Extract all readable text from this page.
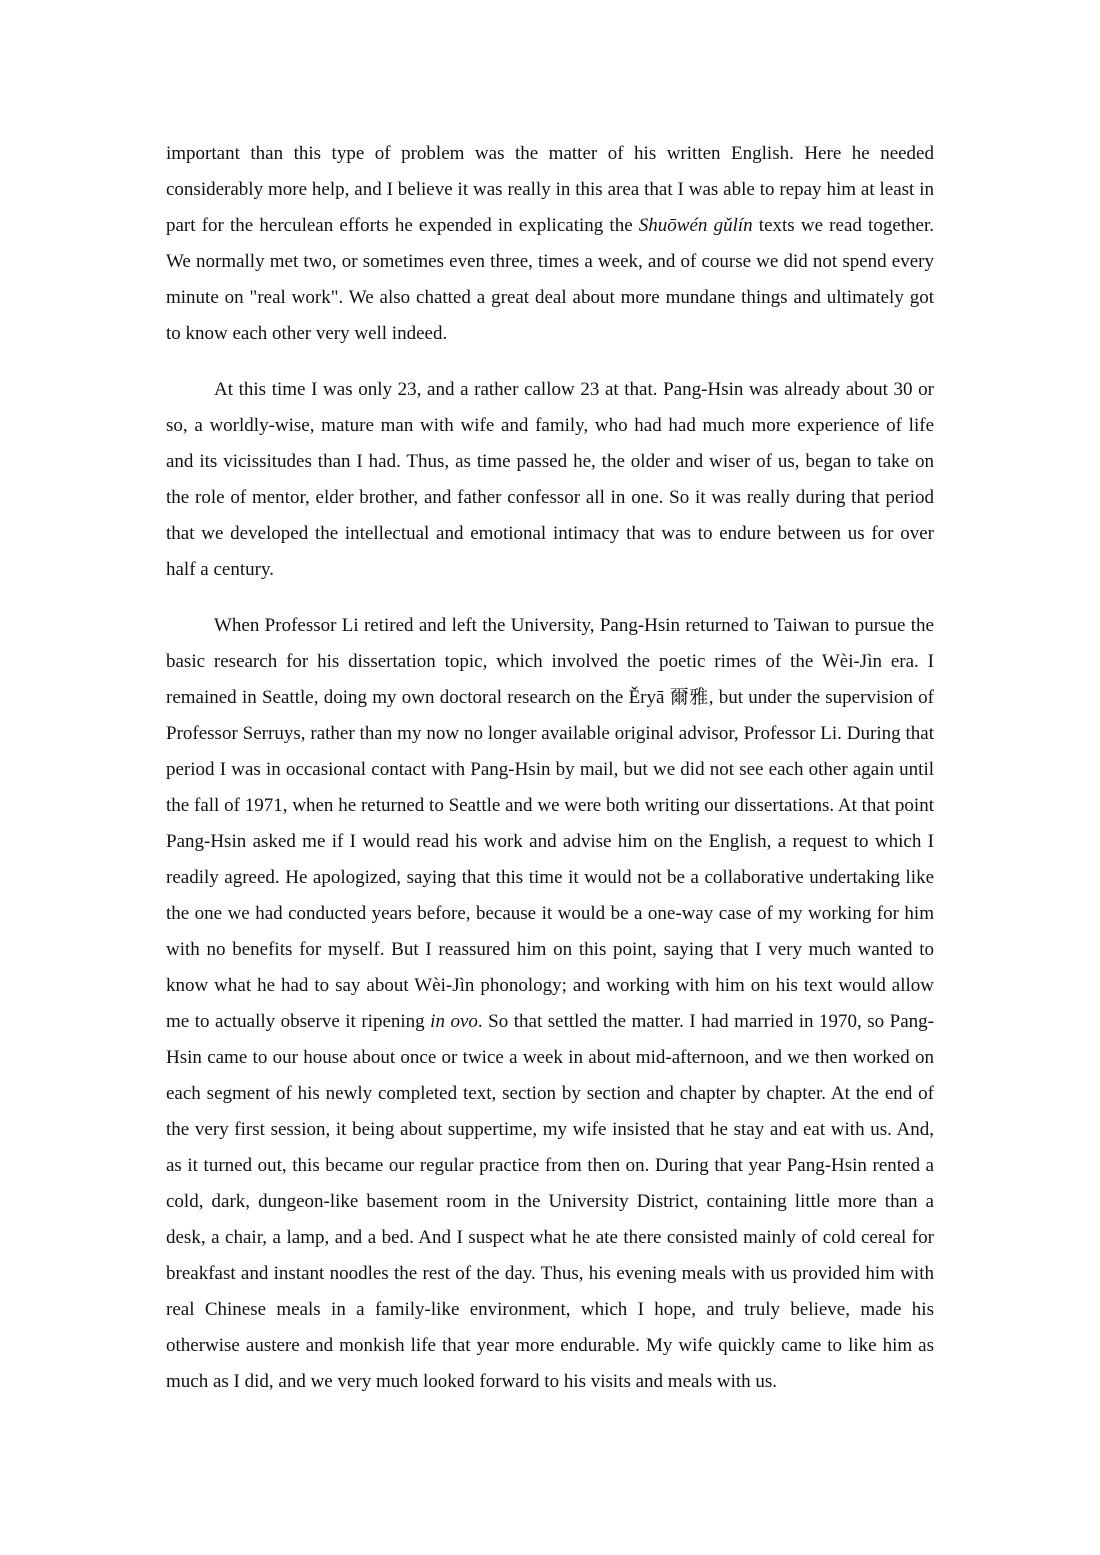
important than this type of problem was the matter of his written English. Here he needed considerably more help, and I believe it was really in this area that I was able to repay him at least in part for the herculean efforts he expended in explicating the Shuōwén gǔlín texts we read together. We normally met two, or sometimes even three, times a week, and of course we did not spend every minute on "real work". We also chatted a great deal about more mundane things and ultimately got to know each other very well indeed.

At this time I was only 23, and a rather callow 23 at that. Pang-Hsin was already about 30 or so, a worldly-wise, mature man with wife and family, who had had much more experience of life and its vicissitudes than I had. Thus, as time passed he, the older and wiser of us, began to take on the role of mentor, elder brother, and father confessor all in one. So it was really during that period that we developed the intellectual and emotional intimacy that was to endure between us for over half a century.

When Professor Li retired and left the University, Pang-Hsin returned to Taiwan to pursue the basic research for his dissertation topic, which involved the poetic rimes of the Wèi-Jìn era. I remained in Seattle, doing my own doctoral research on the Ěryā 爾雅, but under the supervision of Professor Serruys, rather than my now no longer available original advisor, Professor Li. During that period I was in occasional contact with Pang-Hsin by mail, but we did not see each other again until the fall of 1971, when he returned to Seattle and we were both writing our dissertations. At that point Pang-Hsin asked me if I would read his work and advise him on the English, a request to which I readily agreed. He apologized, saying that this time it would not be a collaborative undertaking like the one we had conducted years before, because it would be a one-way case of my working for him with no benefits for myself. But I reassured him on this point, saying that I very much wanted to know what he had to say about Wèi-Jìn phonology; and working with him on his text would allow me to actually observe it ripening in ovo. So that settled the matter. I had married in 1970, so Pang-Hsin came to our house about once or twice a week in about mid-afternoon, and we then worked on each segment of his newly completed text, section by section and chapter by chapter. At the end of the very first session, it being about suppertime, my wife insisted that he stay and eat with us. And, as it turned out, this became our regular practice from then on. During that year Pang-Hsin rented a cold, dark, dungeon-like basement room in the University District, containing little more than a desk, a chair, a lamp, and a bed. And I suspect what he ate there consisted mainly of cold cereal for breakfast and instant noodles the rest of the day. Thus, his evening meals with us provided him with real Chinese meals in a family-like environment, which I hope, and truly believe, made his otherwise austere and monkish life that year more endurable. My wife quickly came to like him as much as I did, and we very much looked forward to his visits and meals with us.
